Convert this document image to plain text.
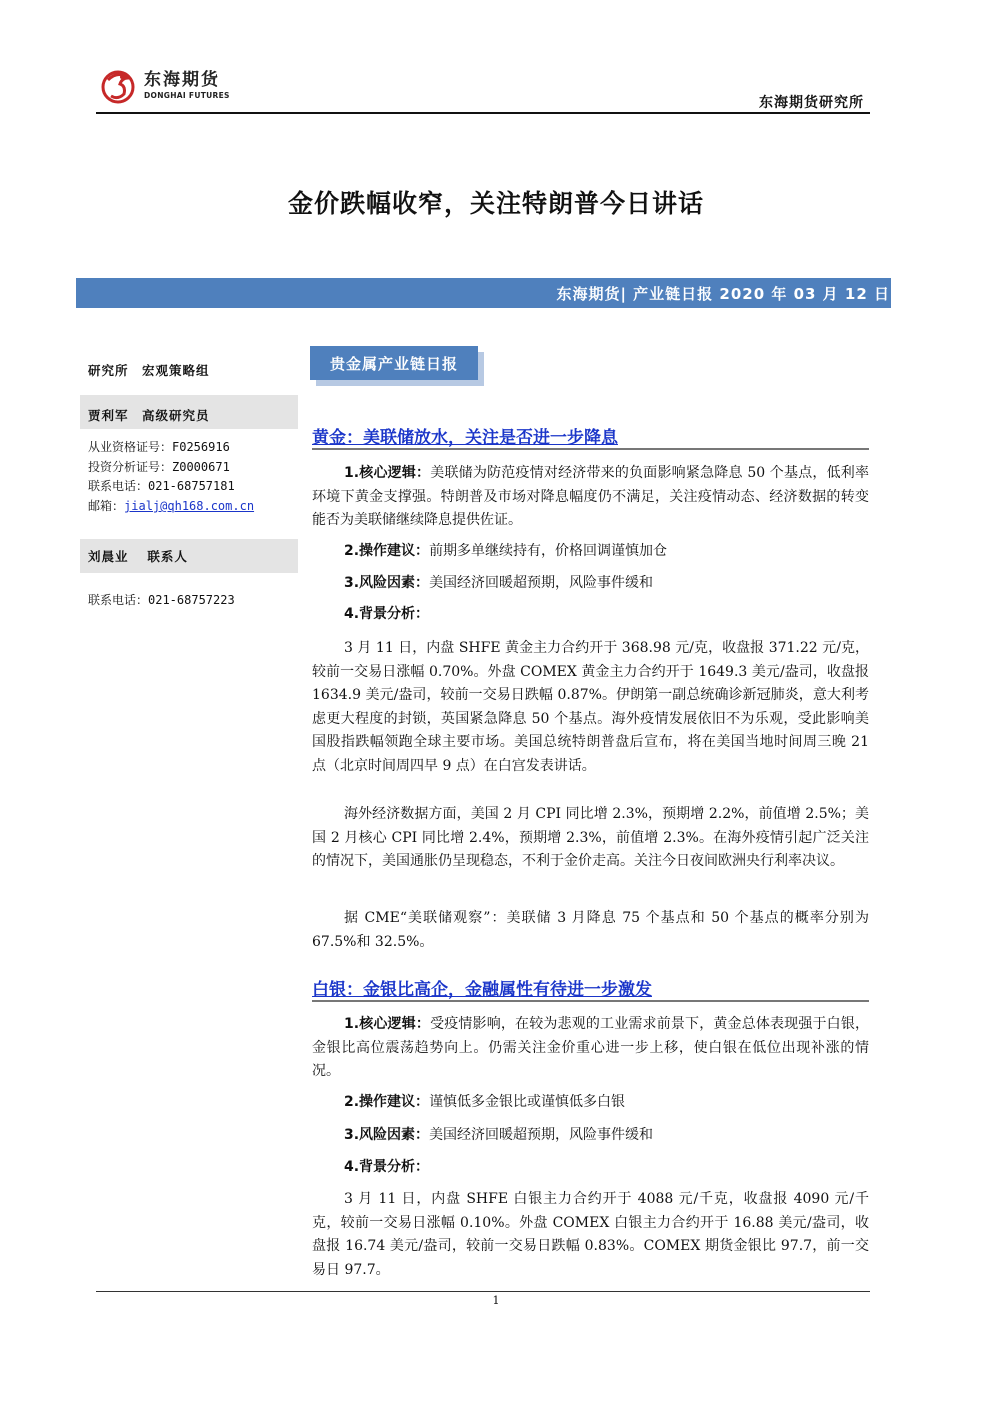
东海期货
DONGHAI FUTURES	东海期货研究所
金价跌幅收窄，关注特朗普今日讲话
东海期货| 产业链日报 2020 年 03 月 12 日
研究所　宏观策略组
贾利军　高级研究员
从业资格证号：F0256916
投资分析证号：Z0000671
联系电话：021-68757181
邮箱：jialj@qh168.com.cn
刘晨业　 联系人
联系电话：021-68757223
贵金属产业链日报
黄金：美联储放水，关注是否进一步降息
1.核心逻辑：美联储为防范疫情对经济带来的负面影响紧急降息 50 个基点，低利率环境下黄金支撑强。特朗普及市场对降息幅度仍不满足，关注疫情动态、经济数据的转变能否为美联储继续降息提供佐证。
2.操作建议：前期多单继续持有，价格回调谨慎加仓
3.风险因素：美国经济回暖超预期，风险事件缓和
4.背景分析：
3 月 11 日，内盘 SHFE 黄金主力合约开于 368.98 元/克，收盘报 371.22 元/克，较前一交易日涨幅 0.70%。外盘 COMEX 黄金主力合约开于 1649.3 美元/盎司，收盘报 1634.9 美元/盎司，较前一交易日跌幅 0.87%。伊朗第一副总统确诊新冠肺炎，意大利考虑更大程度的封锁，英国紧急降息 50 个基点。海外疫情发展依旧不为乐观，受此影响美国股指跌幅领跑全球主要市场。美国总统特朗普盘后宣布，将在美国当地时间周三晚 21 点（北京时间周四早 9 点）在白宫发表讲话。
海外经济数据方面，美国 2 月 CPI 同比增 2.3%，预期增 2.2%，前值增 2.5%；美国 2 月核心 CPI 同比增 2.4%，预期增 2.3%，前值增 2.3%。在海外疫情引起广泛关注的情况下，美国通胀仍呈现稳态，不利于金价走高。关注今日夜间欧洲央行利率决议。
据 CME“美联储观察”：美联储 3 月降息 75 个基点和 50 个基点的概率分别为 67.5%和 32.5%。
白银：金银比高企，金融属性有待进一步激发
1.核心逻辑：受疫情影响，在较为悲观的工业需求前景下，黄金总体表现强于白银，金银比高位震荡趋势向上。仍需关注金价重心进一步上移，使白银在低位出现补涨的情况。
2.操作建议：谨慎低多金银比或谨慎低多白银
3.风险因素：美国经济回暖超预期，风险事件缓和
4.背景分析：
3 月 11 日，内盘 SHFE 白银主力合约开于 4088 元/千克，收盘报 4090 元/千克，较前一交易日涨幅 0.10%。外盘 COMEX 白银主力合约开于 16.88 美元/盎司，收盘报 16.74 美元/盎司，较前一交易日跌幅 0.83%。COMEX 期货金银比 97.7，前一交易日 97.7。
1
